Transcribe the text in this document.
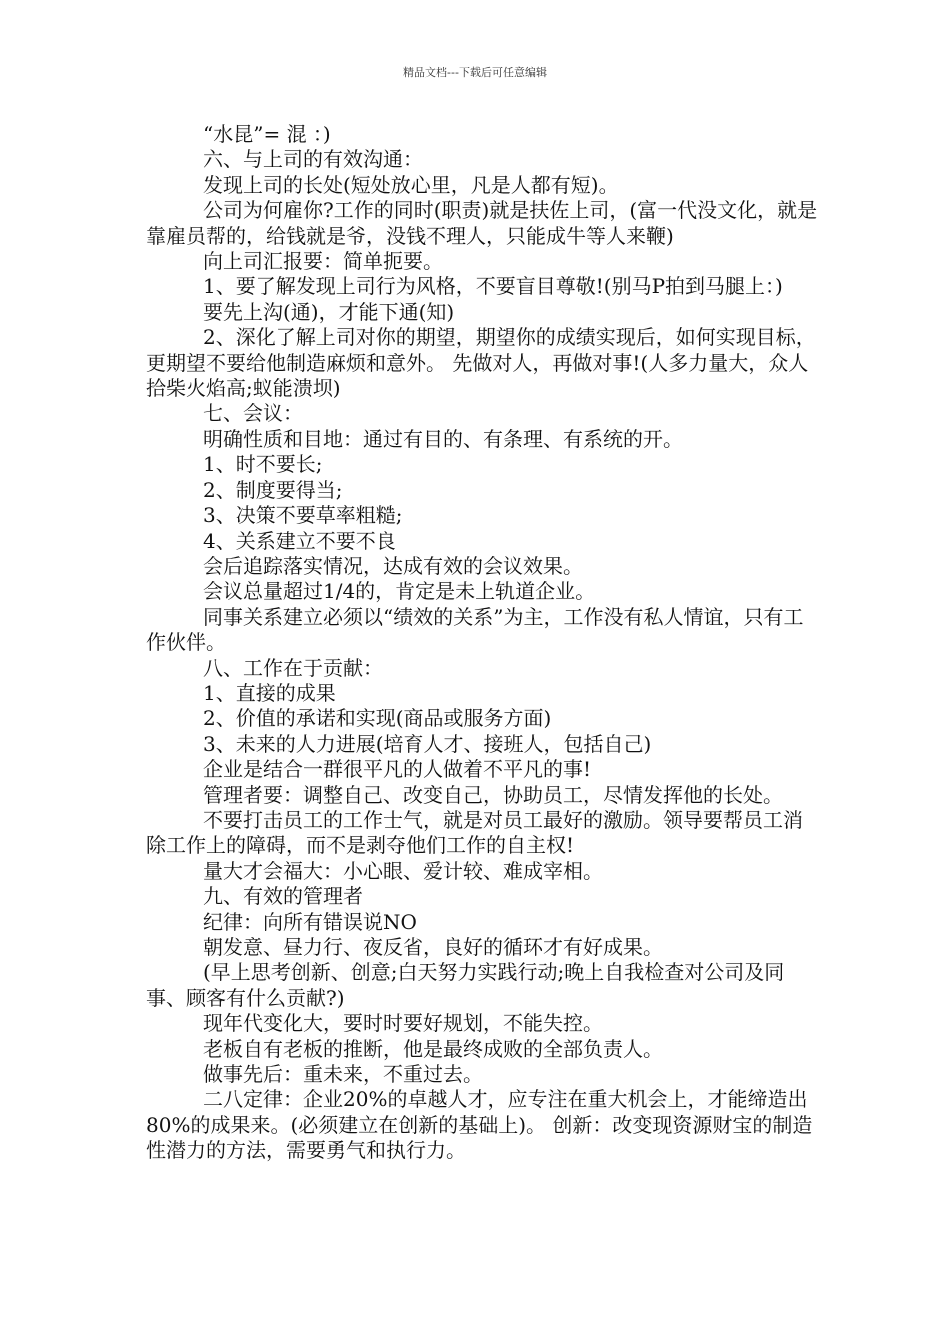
精品文档---下载后可任意编辑

“水昆”= 混 ：)

六、与上司的有效沟通：

发现上司的长处(短处放心里，凡是人都有短)。

公司为何雇你?工作的同时(职责)就是扶佐上司，(富一代没文化，就是靠雇员帮的，给钱就是爷，没钱不理人，只能成牛等人来鞭)

向上司汇报要：简单扼要。

1、要了解发现上司行为风格，不要盲目尊敬!(别马P拍到马腿上：)

要先上沟(通)，才能下通(知)

2、深化了解上司对你的期望，期望你的成绩实现后，如何实现目标，更期望不要给他制造麻烦和意外。 先做对人，再做对事!(人多力量大，众人拾柴火焰高;蚁能溃坝)

七、会议：

明确性质和目地：通过有目的、有条理、有系统的开。

1、时不要长;

2、制度要得当;

3、决策不要草率粗糙;

4、关系建立不要不良

会后追踪落实情况，达成有效的会议效果。

会议总量超过1/4的，肯定是未上轨道企业。

同事关系建立必须以“绩效的关系”为主，工作没有私人情谊，只有工作伙伴。

八、工作在于贡献：

1、直接的成果

2、价值的承诺和实现(商品或服务方面)

3、未来的人力进展(培育人才、接班人，包括自己)

企业是结合一群很平凡的人做着不平凡的事!

管理者要：调整自己、改变自己，协助员工，尽情发挥他的长处。

不要打击员工的工作士气，就是对员工最好的激励。领导要帮员工消除工作上的障碍，而不是剥夺他们工作的自主权!

量大才会福大：小心眼、爱计较、难成宰相。

九、有效的管理者

纪律：向所有错误说NO

朝发意、昼力行、夜反省，良好的循环才有好成果。

(早上思考创新、创意;白天努力实践行动;晚上自我检查对公司及同事、顾客有什么贡献?)

现年代变化大，要时时要好规划，不能失控。

老板自有老板的推断，他是最终成败的全部负责人。

做事先后：重未来，不重过去。

二八定律：企业20%的卓越人才，应专注在重大机会上，才能缔造出80%的成果来。(必须建立在创新的基础上)。 创新：改变现资源财宝的制造性潜力的方法，需要勇气和执行力。
